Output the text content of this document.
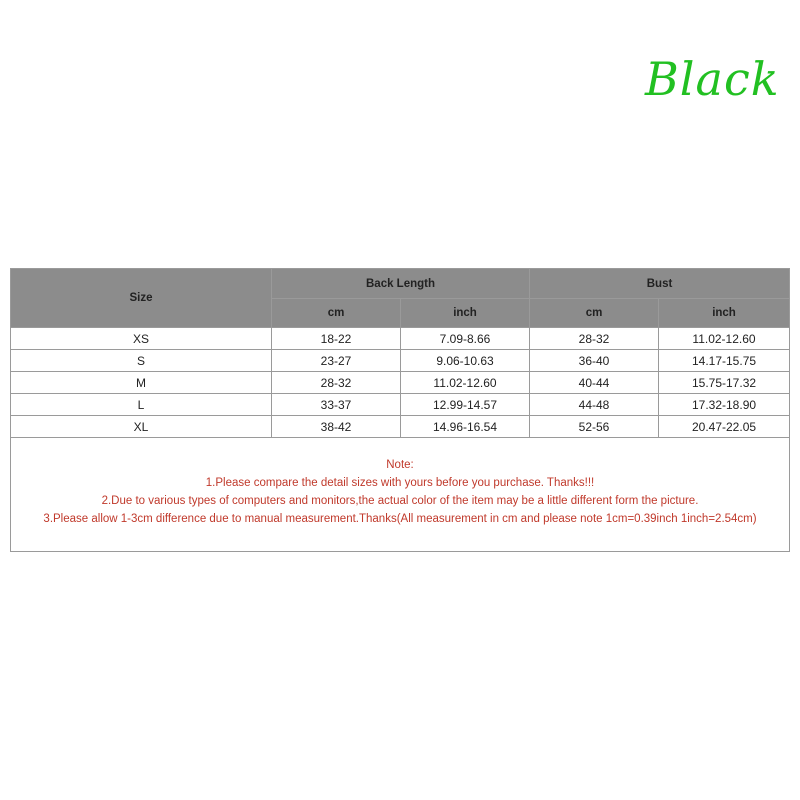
Black
Size	Back Length		Bust	
	cm	inch	cm	inch
XS	18-22	7.09-8.66	28-32	11.02-12.60
S	23-27	9.06-10.63	36-40	14.17-15.75
M	28-32	11.02-12.60	40-44	15.75-17.32
L	33-37	12.99-14.57	44-48	17.32-18.90
XL	38-42	14.96-16.54	52-56	20.47-22.05

Note:
1.Please compare the detail sizes with yours before you purchase. Thanks!!!
2.Due to various types of computers and monitors,the actual color of the item may be a little different form the picture.
3.Please allow 1-3cm difference due to manual measurement.Thanks(All measurement in cm and please note 1cm=0.39inch 1inch=2.54cm)				
